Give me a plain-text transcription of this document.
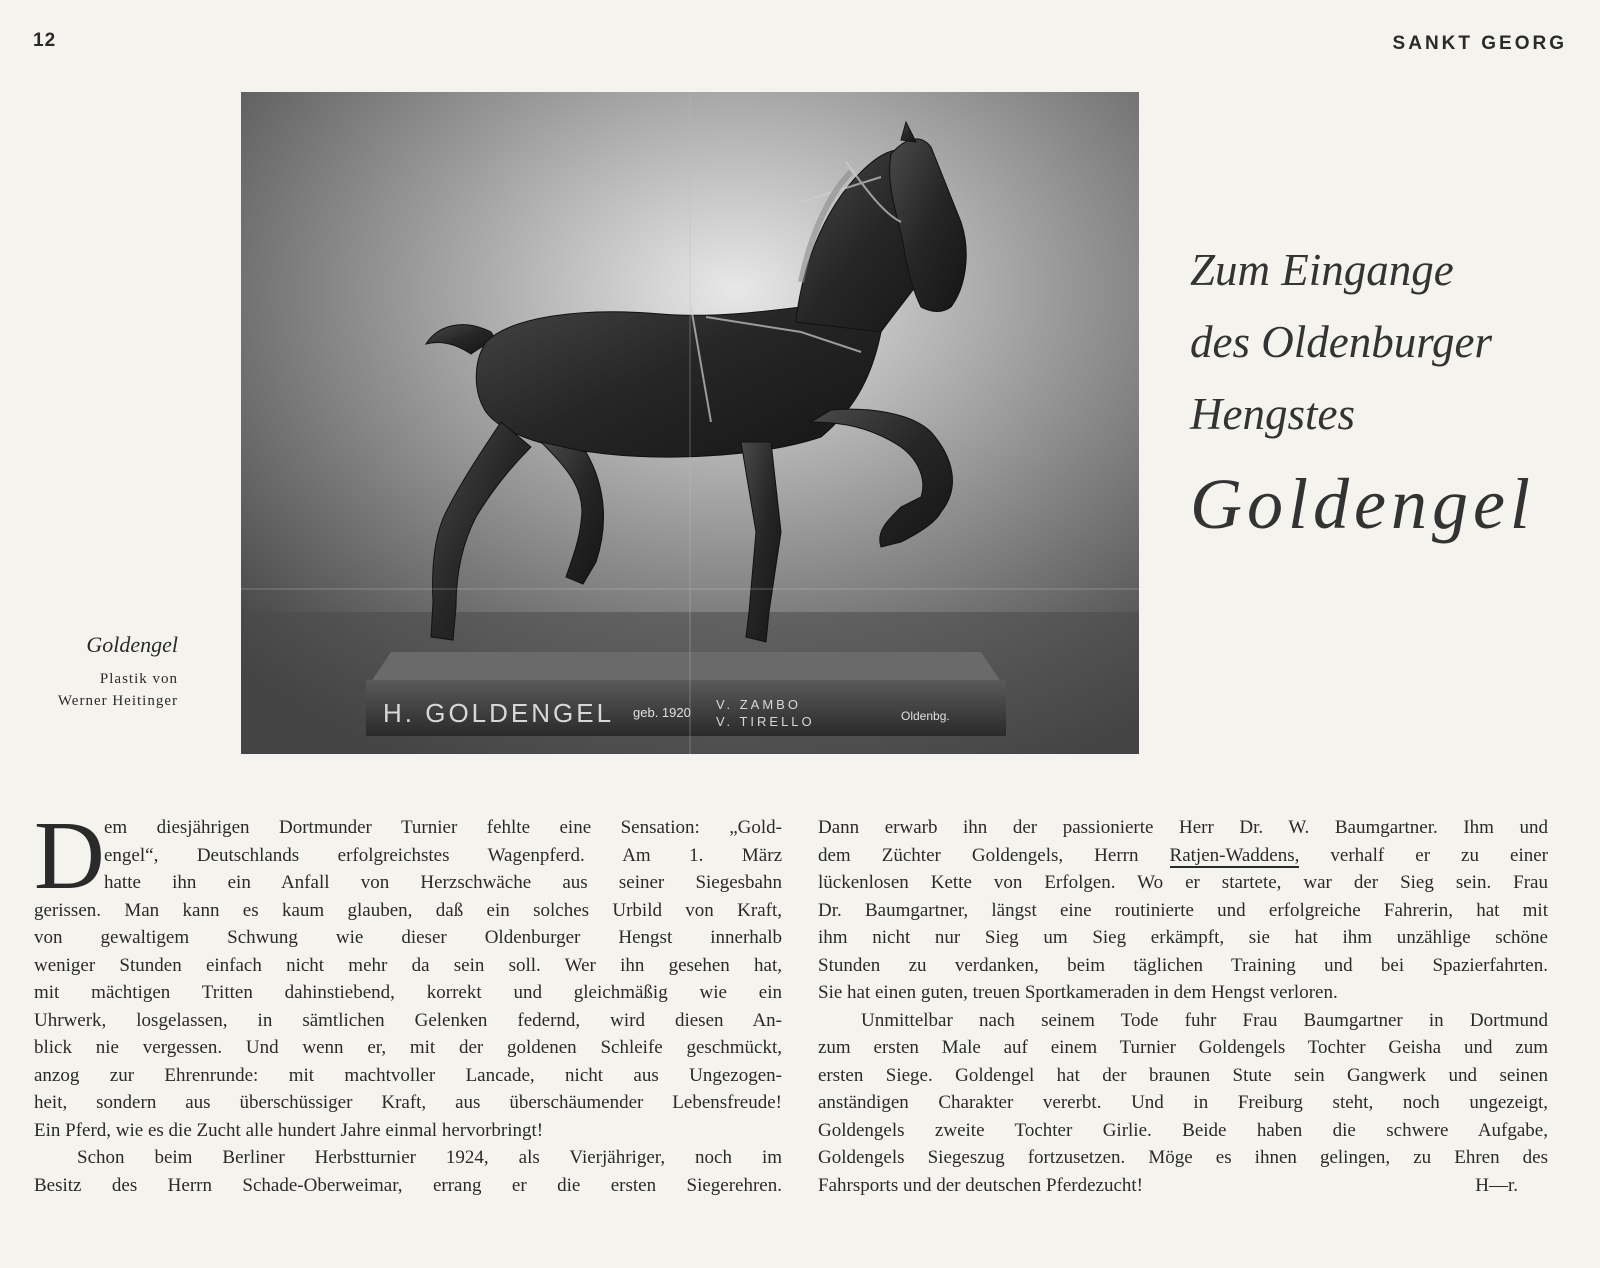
12	SANKT GEORG
H. GOLDENGEL geb. 1920
V. ZAMBO
V. TIRELLO	Oldenbg.
Goldengel
Plastik von
Werner Heitinger
Zum Eingange
des Oldenburger
Hengstes
Goldengel
D em diesjährigen Dortmunder Turnier fehlte eine Sensation: „Gold-
engel“, Deutschlands erfolgreichstes Wagenpferd. Am 1. März
hatte ihn ein Anfall von Herzschwäche aus seiner Siegesbahn
gerissen. Man kann es kaum glauben, daß ein solches Urbild von Kraft,
von gewaltigem Schwung wie dieser Oldenburger Hengst innerhalb
weniger Stunden einfach nicht mehr da sein soll. Wer ihn gesehen hat,
mit mächtigen Tritten dahinstiebend, korrekt und gleichmäßig wie ein
Uhrwerk, losgelassen, in sämtlichen Gelenken federnd, wird diesen An-
blick nie vergessen. Und wenn er, mit der goldenen Schleife geschmückt,
anzog zur Ehrenrunde: mit machtvoller Lancade, nicht aus Ungezogen-
heit, sondern aus überschüssiger Kraft, aus überschäumender Lebensfreude!
Ein Pferd, wie es die Zucht alle hundert Jahre einmal hervorbringt!
Schon beim Berliner Herbstturnier 1924, als Vierjähriger, noch im
Besitz des Herrn Schade-Oberweimar, errang er die ersten Siegerehren.
Dann erwarb ihn der passionierte Herr Dr. W. Baumgartner. Ihm und
dem Züchter Goldengels, Herrn Ratjen-Waddens, verhalf er zu einer
lückenlosen Kette von Erfolgen. Wo er startete, war der Sieg sein. Frau
Dr. Baumgartner, längst eine routinierte und erfolgreiche Fahrerin, hat mit
ihm nicht nur Sieg um Sieg erkämpft, sie hat ihm unzählige schöne
Stunden zu verdanken, beim täglichen Training und bei Spazierfahrten.
Sie hat einen guten, treuen Sportkameraden in dem Hengst verloren.
Unmittelbar nach seinem Tode fuhr Frau Baumgartner in Dortmund
zum ersten Male auf einem Turnier Goldengels Tochter Geisha und zum
ersten Siege. Goldengel hat der braunen Stute sein Gangwerk und seinen
anständigen Charakter vererbt. Und in Freiburg steht, noch ungezeigt,
Goldengels zweite Tochter Girlie. Beide haben die schwere Aufgabe,
Goldengels Siegeszug fortzusetzen. Möge es ihnen gelingen, zu Ehren des
Fahrsports und der deutschen Pferdezucht!	H—r.
